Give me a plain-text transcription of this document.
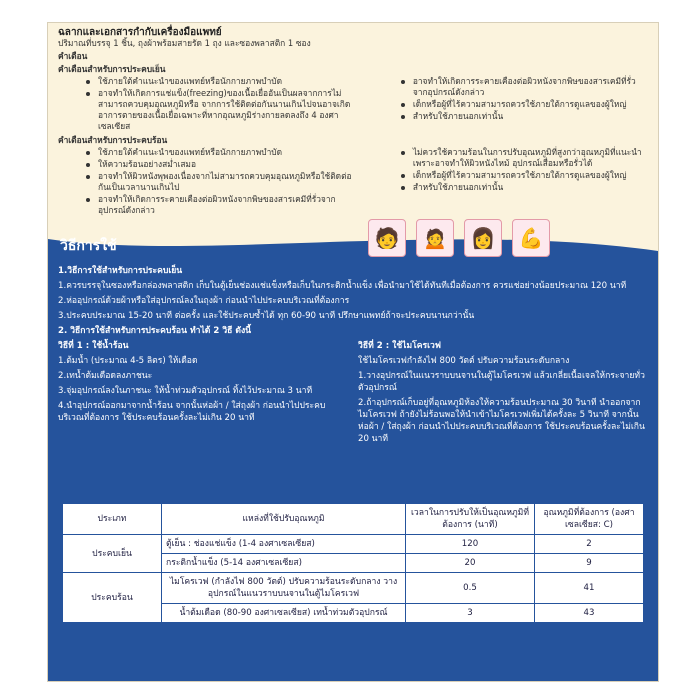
ฉลากและเอกสารกำกับเครื่องมือแพทย์
ปริมาณที่บรรจุ 1 ชิ้น, ถุงผ้าพร้อมสายรัด 1 ถุง และซองพลาสติก 1 ซอง
คำเตือน
คำเตือนสำหรับการประคบเย็น
ใช้ภายใต้คำแนะนำของแพทย์หรือนักกายภาพบำบัด
อาจทำให้เกิดการแช่แข็ง(freezing)ของเนื้อเยื่ออันเป็นผลจากการไม่สามารถควบคุมอุณหภูมิหรือ จากการใช้ติดต่อกันนานเกินไปจนอาจเกิดอาการตายของเนื้อเยื่อเฉพาะที่หากอุณหภูมิร่างกายลดลงถึง 4 องศาเซลเซียส
อาจทำให้เกิดการระคายเคืองต่อผิวหนังจากพิษของสารเคมีที่รั่วจากอุปกรณ์ดังกล่าว
เด็กหรือผู้ที่ไร้ความสามารถควรใช้ภายใต้การดูแลของผู้ใหญ่
สำหรับใช้ภายนอกเท่านั้น
คำเตือนสำหรับการประคบร้อน
ใช้ภายใต้คำแนะนำของแพทย์หรือนักกายภาพบำบัด
ให้ความร้อนอย่างสม่ำเสมอ
อาจทำให้ผิวหนังพุพองเนื่องจากไม่สามารถควบคุมอุณหภูมิหรือใช้ติดต่อกันเป็นเวลานานเกินไป
อาจทำให้เกิดการระคายเคืองต่อผิวหนังจากพิษของสารเคมีที่รั่วจากอุปกรณ์ดังกล่าว
ไม่ควรใช้ความร้อนในการปรับอุณหภูมิที่สูงกว่าอุณหภูมิที่แนะนำเพราะอาจทำให้ผิวหนังไหม้ อุปกรณ์เสื่อมหรือรั่วได้
เด็กหรือผู้ที่ไร้ความสามารถควรใช้ภายใต้การดูแลของผู้ใหญ่
สำหรับใช้ภายนอกเท่านั้น
วิธีการใช้	🧑	🙍	👩	💪

1.วิธีการใช้สำหรับการประคบเย็น

1.ควรบรรจุในซองหรือกล่องพลาสติก เก็บในตู้เย็นช่องแช่แข็งหรือเก็บในกระติกน้ำแข็ง เพื่อนำมาใช้ได้ทันทีเมื่อต้องการ ควรแช่อย่างน้อยประมาณ 120 นาที

2.ห่ออุปกรณ์ด้วยผ้าหรือใส่อุปกรณ์ลงในถุงผ้า ก่อนนำไปประคบบริเวณที่ต้องการ

3.ประคบประมาณ 15-20 นาที ต่อครั้ง และใช้ประคบซ้ำได้ ทุก 60-90 นาที ปรึกษาแพทย์ถ้าจะประคบนานกว่านั้น

2. วิธีการใช้สำหรับการประคบร้อน ทำได้ 2 วิธี ดังนี้

วิธีที่ 1 : ใช้น้ำร้อน

1.ต้มน้ำ (ประมาณ 4-5 ลิตร) ให้เดือด

2.เทน้ำต้มเดือดลงภาชนะ

3.จุ่มอุปกรณ์ลงในภาชนะ ให้น้ำท่วมตัวอุปกรณ์ ทิ้งไว้ประมาณ 3 นาที

4.นำอุปกรณ์ออกมาจากน้ำร้อน จากนั้นห่อผ้า / ใส่ถุงผ้า ก่อนนำไปประคบบริเวณที่ต้องการ ใช้ประคบร้อนครั้งละไม่เกิน 20 นาที

วิธีที่ 2 : ใช้ไมโครเวฟ

ใช้ไมโครเวฟกำลังไฟ 800 วัตต์ ปรับความร้อนระดับกลาง

1.วางอุปกรณ์ในแนวราบบนจานในตู้ไมโครเวฟ แล้วเกลี่ยเนื้อเจลให้กระจายทั่วตัวอุปกรณ์

2.ถ้าอุปกรณ์เก็บอยู่ที่อุณหภูมิห้องให้ความร้อนประมาณ 30 วินาที นำออกจากไมโครเวฟ ถ้ายังไม่ร้อนพอให้นำเข้าไมโครเวฟเพิ่มได้ครั้งละ 5 วินาที จากนั้นห่อผ้า / ใส่ถุงผ้า ก่อนนำไปประคบบริเวณที่ต้องการ ใช้ประคบร้อนครั้งละไม่เกิน 20 นาที

ประเภท	แหล่งที่ใช้ปรับอุณหภูมิ	เวลาในการปรับให้เป็นอุณหภูมิที่ต้องการ (นาที)	อุณหภูมิที่ต้องการ (องศาเซลเซียส: C)
ประคบเย็น	ตู้เย็น : ช่องแช่แข็ง (1-4 องศาเซลเซียส)	120	2
	กระติกน้ำแข็ง (5-14 องศาเซลเซียส)	20	9
ประคบร้อน	ไมโครเวฟ (กำลังไฟ 800 วัตต์) ปรับความร้อนระดับกลาง วางอุปกรณ์ในแนวราบบนจานในตู้ไมโครเวฟ	0.5	41
	น้ำต้มเดือด (80-90 องศาเซลเซียส) เทน้ำท่วมตัวอุปกรณ์	3	43
